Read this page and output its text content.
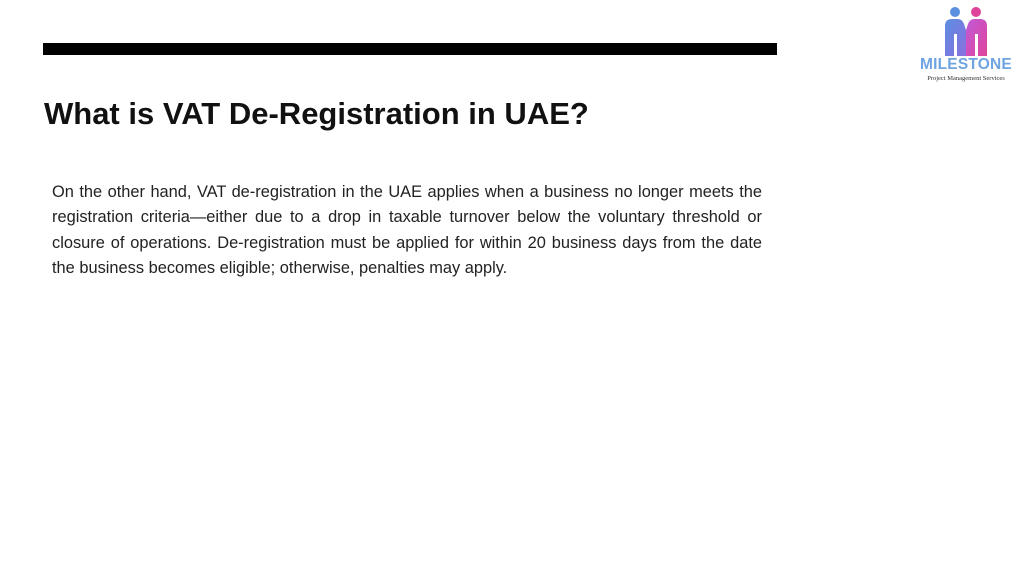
What is VAT De-Registration in UAE?

On the other hand, VAT de-registration in the UAE applies when a business no longer meets the registration criteria—either due to a drop in taxable turnover below the voluntary threshold or closure of operations. De-registration must be applied for within 20 business days from the date the business becomes eligible; otherwise, penalties may apply.

MILESTONE
Project Management Services
